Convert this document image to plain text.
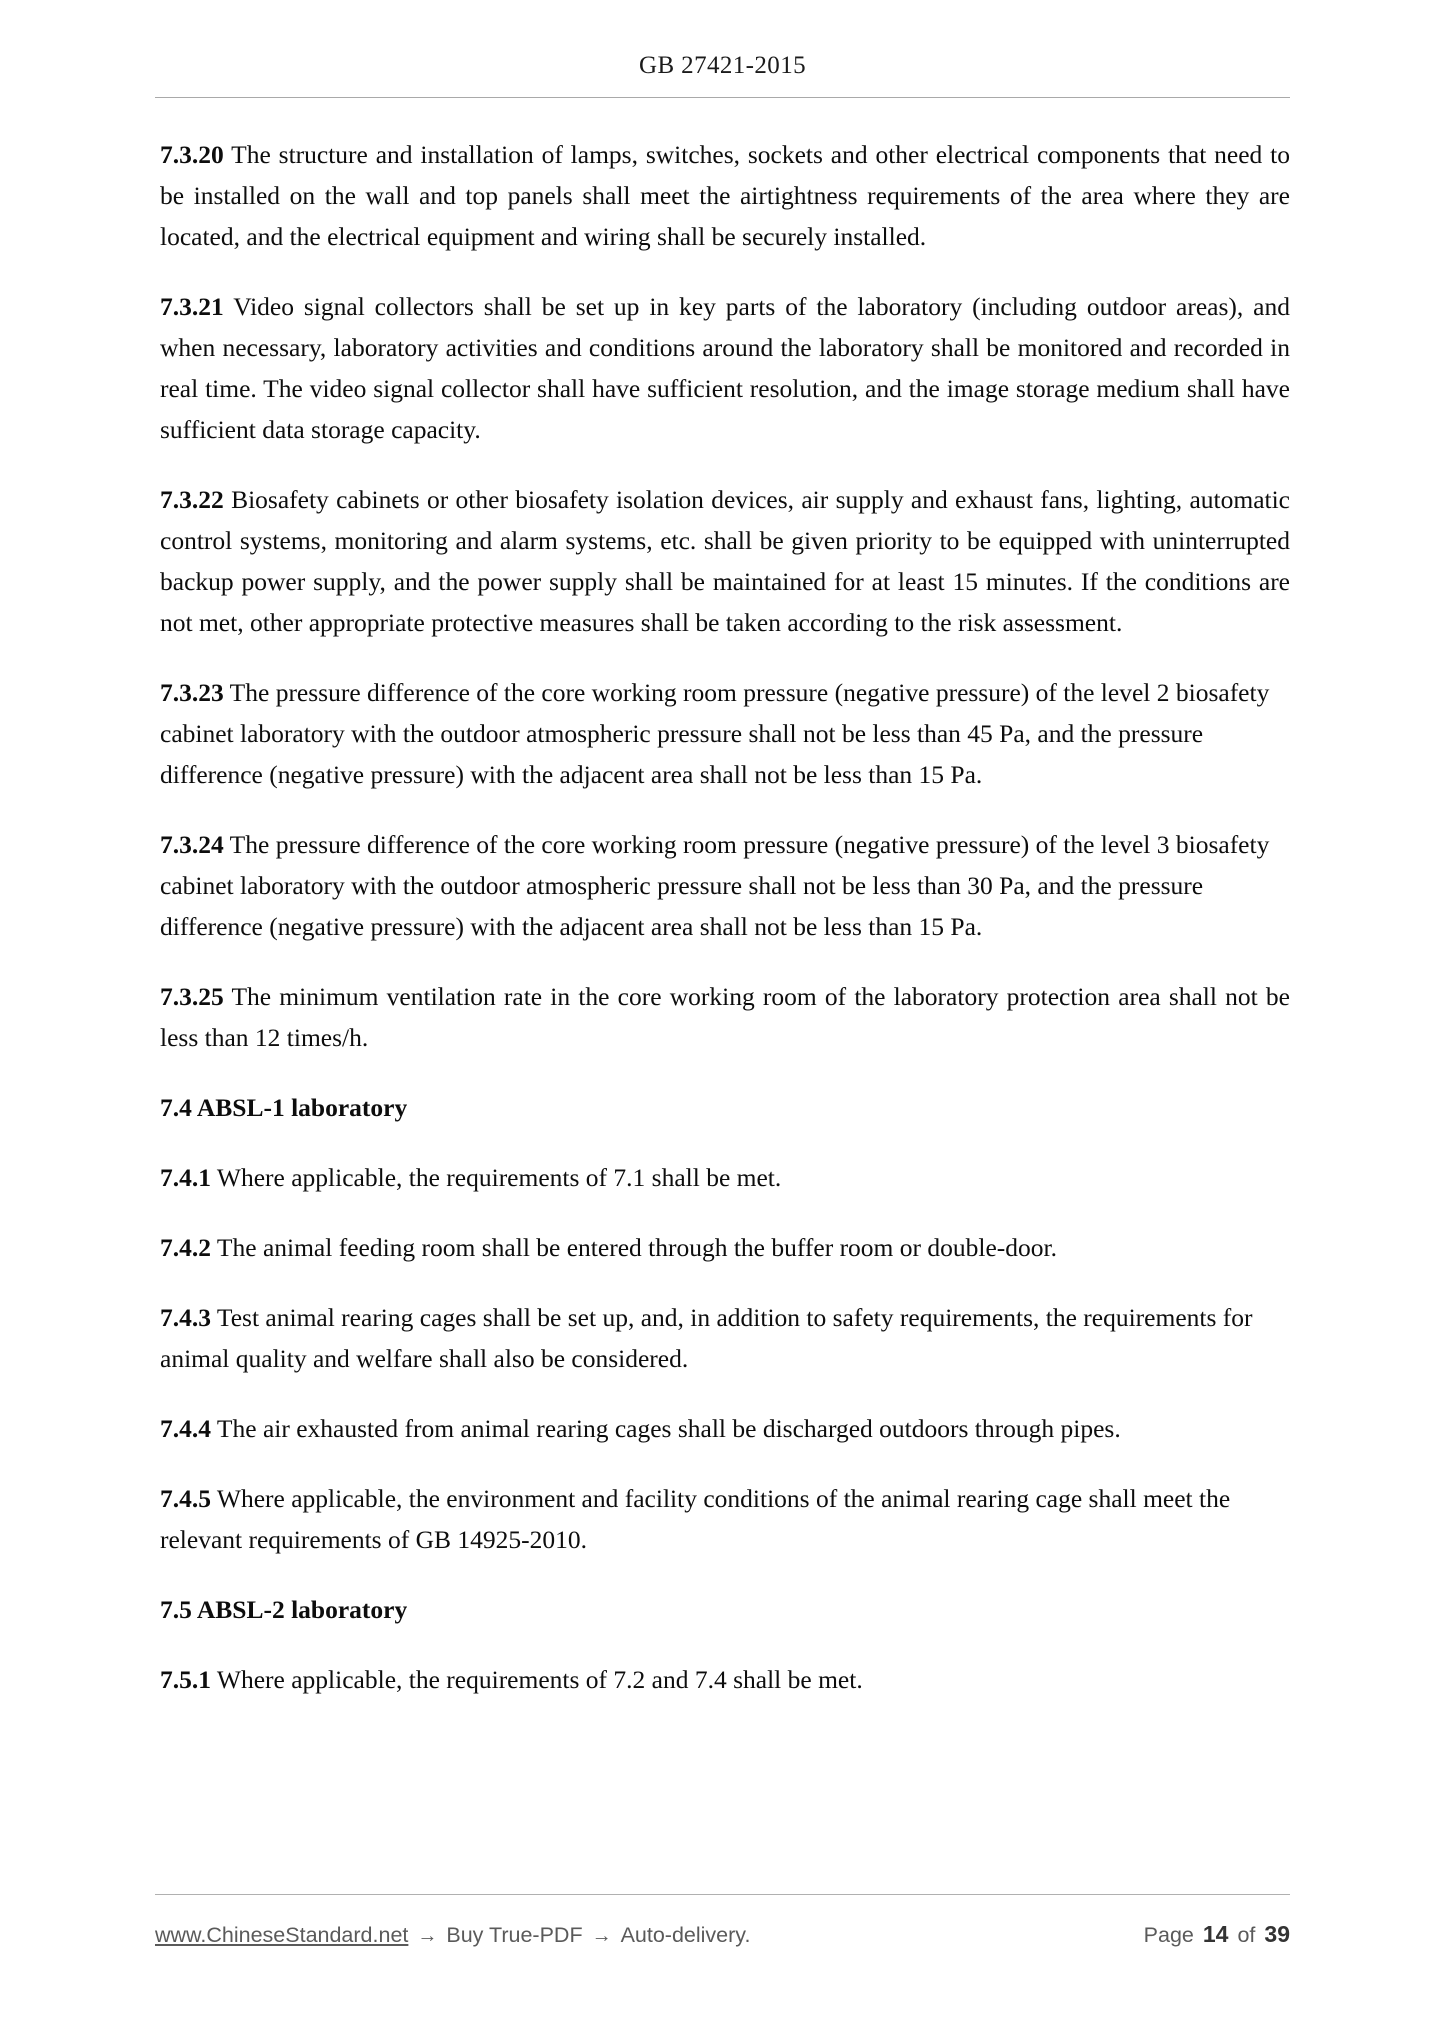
GB 27421-2015

7.3.20 The structure and installation of lamps, switches, sockets and other electrical components that need to be installed on the wall and top panels shall meet the airtightness requirements of the area where they are located, and the electrical equipment and wiring shall be securely installed.

7.3.21 Video signal collectors shall be set up in key parts of the laboratory (including outdoor areas), and when necessary, laboratory activities and conditions around the laboratory shall be monitored and recorded in real time. The video signal collector shall have sufficient resolution, and the image storage medium shall have sufficient data storage capacity.

7.3.22 Biosafety cabinets or other biosafety isolation devices, air supply and exhaust fans, lighting, automatic control systems, monitoring and alarm systems, etc. shall be given priority to be equipped with uninterrupted backup power supply, and the power supply shall be maintained for at least 15 minutes. If the conditions are not met, other appropriate protective measures shall be taken according to the risk assessment.

7.3.23 The pressure difference of the core working room pressure (negative pressure) of the level 2 biosafety cabinet laboratory with the outdoor atmospheric pressure shall not be less than 45 Pa, and the pressure difference (negative pressure) with the adjacent area shall not be less than 15 Pa.

7.3.24 The pressure difference of the core working room pressure (negative pressure) of the level 3 biosafety cabinet laboratory with the outdoor atmospheric pressure shall not be less than 30 Pa, and the pressure difference (negative pressure) with the adjacent area shall not be less than 15 Pa.

7.3.25 The minimum ventilation rate in the core working room of the laboratory protection area shall not be less than 12 times/h.

7.4 ABSL-1 laboratory

7.4.1 Where applicable, the requirements of 7.1 shall be met.

7.4.2 The animal feeding room shall be entered through the buffer room or double-door.

7.4.3 Test animal rearing cages shall be set up, and, in addition to safety requirements, the requirements for animal quality and welfare shall also be considered.

7.4.4 The air exhausted from animal rearing cages shall be discharged outdoors through pipes.

7.4.5 Where applicable, the environment and facility conditions of the animal rearing cage shall meet the relevant requirements of GB 14925-2010.

7.5 ABSL-2 laboratory

7.5.1 Where applicable, the requirements of 7.2 and 7.4 shall be met.

www.ChineseStandard.net → Buy True-PDF → Auto-delivery.	Page 14 of 39
